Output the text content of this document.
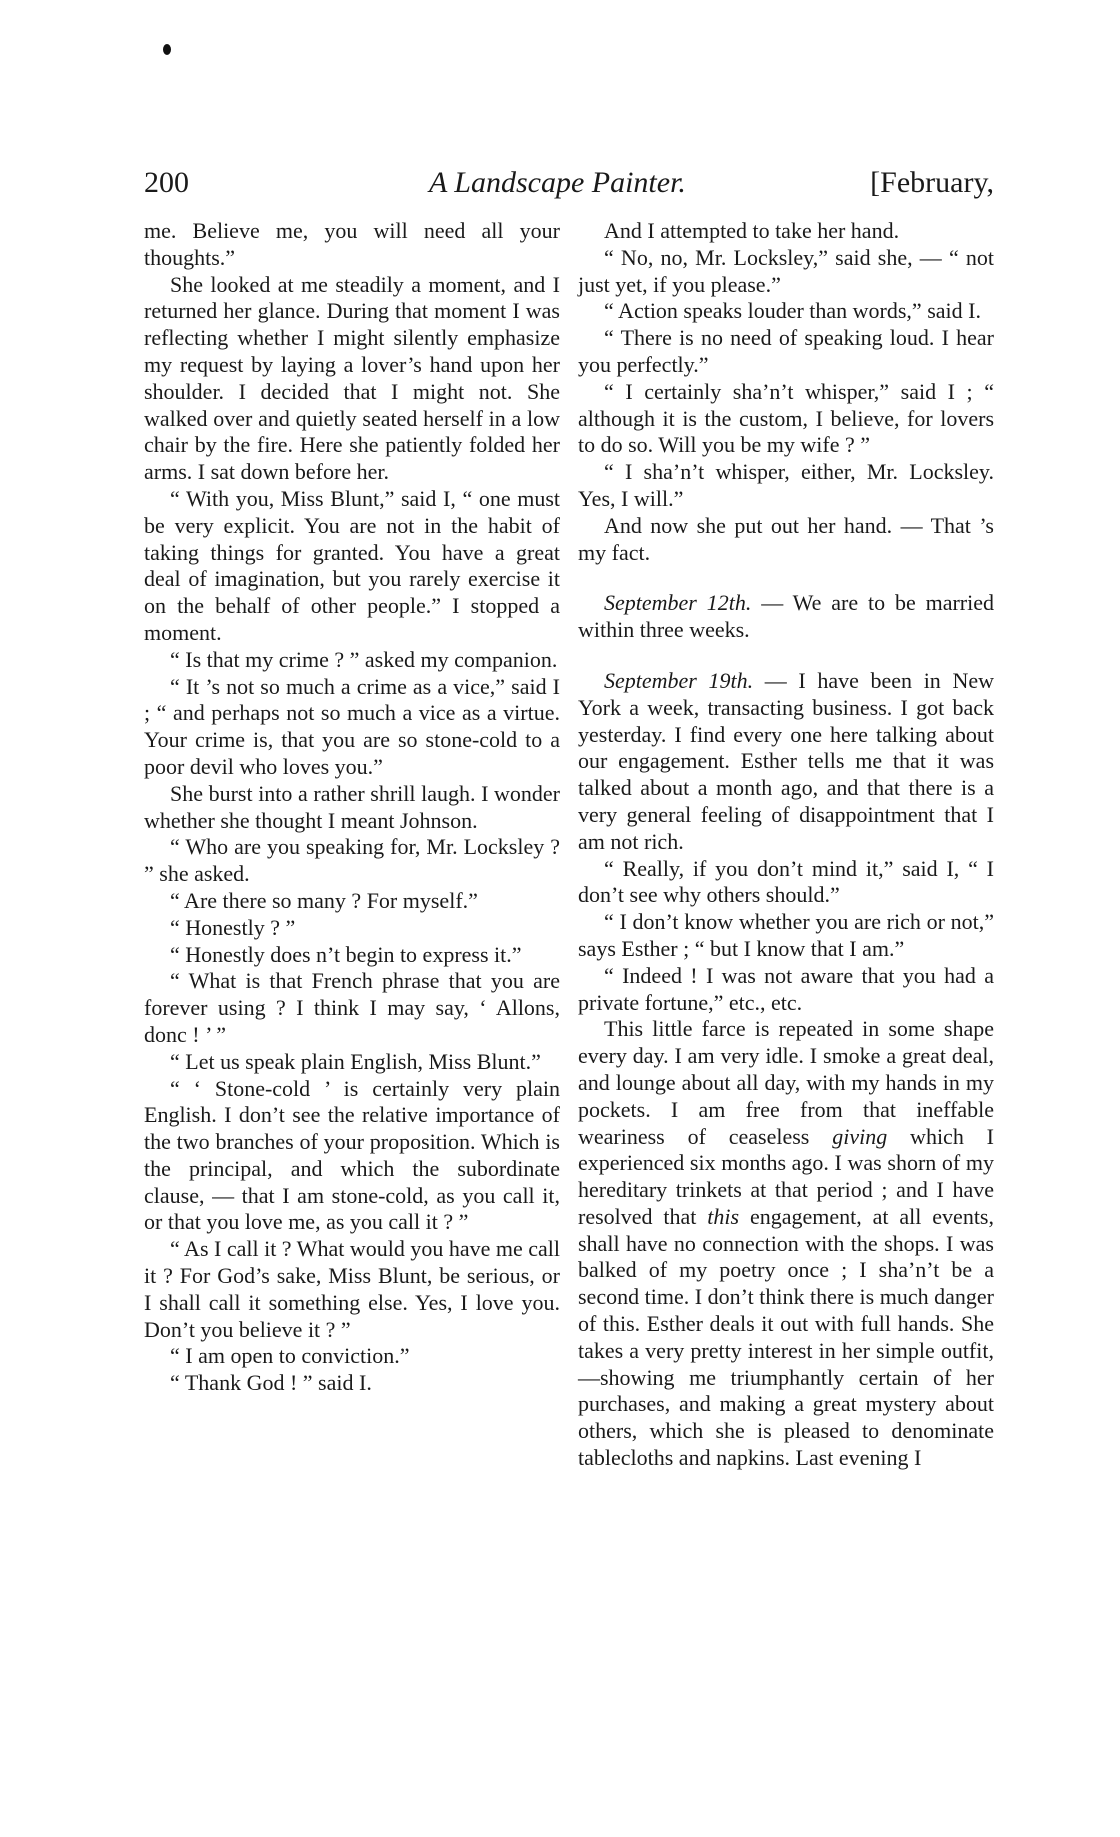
200	A Landscape Painter.	[February,

me. Believe me, you will need all your thoughts.”

She looked at me steadily a moment, and I returned her glance. During that moment I was reflecting whether I might silently emphasize my request by laying a lover’s hand upon her shoulder. I decided that I might not. She walked over and quietly seated herself in a low chair by the fire. Here she patiently folded her arms. I sat down before her.

“ With you, Miss Blunt,” said I, “ one must be very explicit. You are not in the habit of taking things for granted. You have a great deal of imagination, but you rarely exercise it on the behalf of other people.” I stopped a moment.

“ Is that my crime ? ” asked my companion.

“ It ’s not so much a crime as a vice,” said I ; “ and perhaps not so much a vice as a virtue. Your crime is, that you are so stone-cold to a poor devil who loves you.”

She burst into a rather shrill laugh. I wonder whether she thought I meant Johnson.

“ Who are you speaking for, Mr. Locksley ? ” she asked.

“ Are there so many ? For myself.”

“ Honestly ? ”

“ Honestly does n’t begin to express it.”

“ What is that French phrase that you are forever using ? I think I may say, ‘ Allons, donc ! ’ ”

“ Let us speak plain English, Miss Blunt.”

“ ‘ Stone-cold ’ is certainly very plain English. I don’t see the relative importance of the two branches of your proposition. Which is the principal, and which the subordinate clause, — that I am stone-cold, as you call it, or that you love me, as you call it ? ”

“ As I call it ? What would you have me call it ? For God’s sake, Miss Blunt, be serious, or I shall call it something else. Yes, I love you. Don’t you believe it ? ”

“ I am open to conviction.”

“ Thank God ! ” said I.

And I attempted to take her hand.

“ No, no, Mr. Locksley,” said she, — “ not just yet, if you please.”

“ Action speaks louder than words,” said I.

“ There is no need of speaking loud. I hear you perfectly.”

“ I certainly sha’n’t whisper,” said I ; “ although it is the custom, I believe, for lovers to do so. Will you be my wife ? ”

“ I sha’n’t whisper, either, Mr. Locksley. Yes, I will.”

And now she put out her hand. — That ’s my fact.

September 12th. — We are to be married within three weeks.

September 19th. — I have been in New York a week, transacting business. I got back yesterday. I find every one here talking about our engagement. Esther tells me that it was talked about a month ago, and that there is a very general feeling of disappointment that I am not rich.

“ Really, if you don’t mind it,” said I, “ I don’t see why others should.”

“ I don’t know whether you are rich or not,” says Esther ; “ but I know that I am.”

“ Indeed ! I was not aware that you had a private fortune,” etc., etc.

This little farce is repeated in some shape every day. I am very idle. I smoke a great deal, and lounge about all day, with my hands in my pockets. I am free from that ineffable weariness of ceaseless giving which I experienced six months ago. I was shorn of my hereditary trinkets at that period ; and I have resolved that this engagement, at all events, shall have no connection with the shops. I was balked of my poetry once ; I sha’n’t be a second time. I don’t think there is much danger of this. Esther deals it out with full hands. She takes a very pretty interest in her simple outfit,—showing me triumphantly certain of her purchases, and making a great mystery about others, which she is pleased to denominate tablecloths and napkins. Last evening I
